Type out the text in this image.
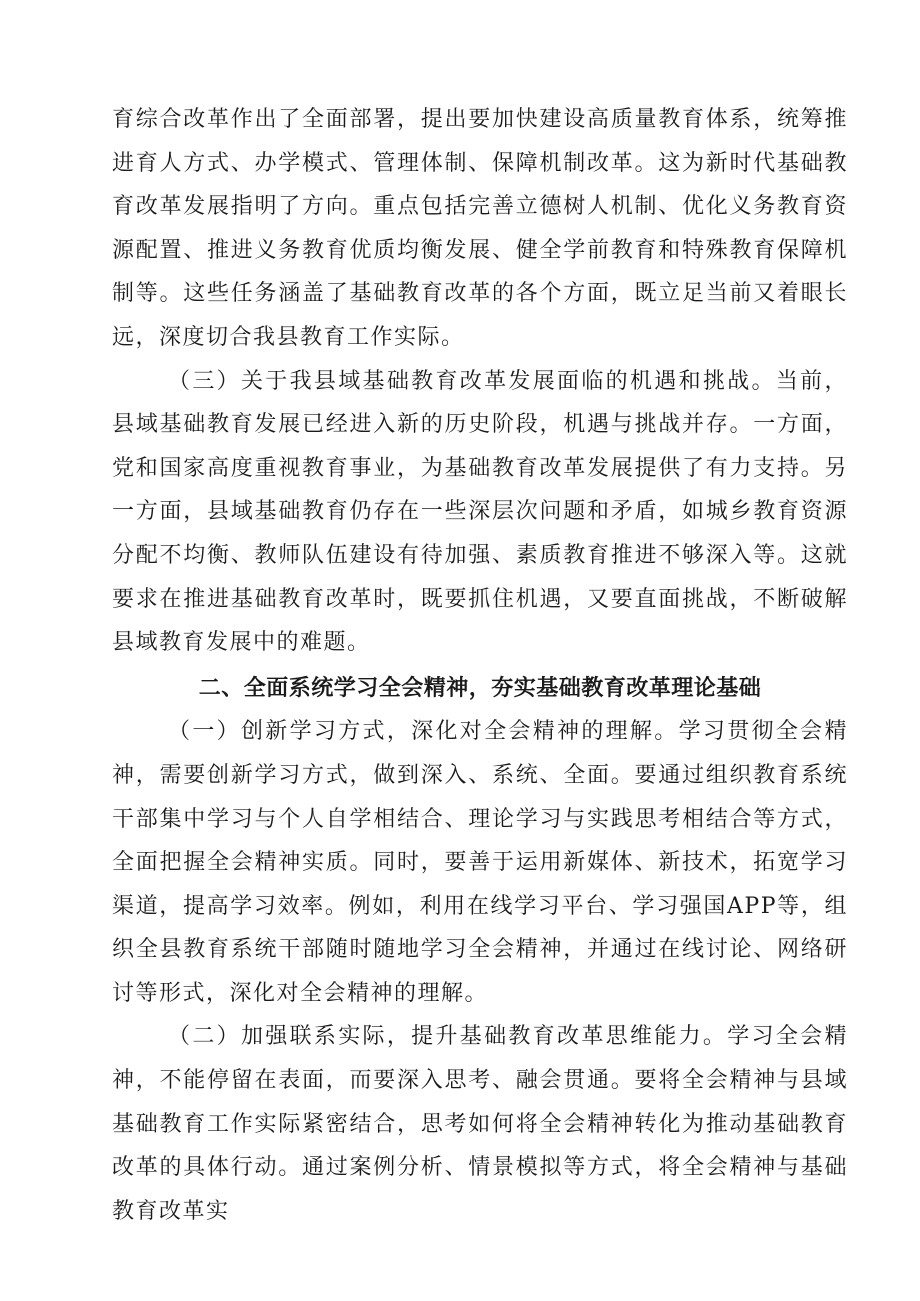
育综合改革作出了全面部署，提出要加快建设高质量教育体系，统筹推进育人方式、办学模式、管理体制、保障机制改革。这为新时代基础教育改革发展指明了方向。重点包括完善立德树人机制、优化义务教育资源配置、推进义务教育优质均衡发展、健全学前教育和特殊教育保障机制等。这些任务涵盖了基础教育改革的各个方面，既立足当前又着眼长远，深度切合我县教育工作实际。

（三）关于我县域基础教育改革发展面临的机遇和挑战。当前，县域基础教育发展已经进入新的历史阶段，机遇与挑战并存。一方面，党和国家高度重视教育事业，为基础教育改革发展提供了有力支持。另一方面，县域基础教育仍存在一些深层次问题和矛盾，如城乡教育资源分配不均衡、教师队伍建设有待加强、素质教育推进不够深入等。这就要求在推进基础教育改革时，既要抓住机遇，又要直面挑战，不断破解县域教育发展中的难题。

二、全面系统学习全会精神，夯实基础教育改革理论基础

（一）创新学习方式，深化对全会精神的理解。学习贯彻全会精神，需要创新学习方式，做到深入、系统、全面。要通过组织教育系统干部集中学习与个人自学相结合、理论学习与实践思考相结合等方式，全面把握全会精神实质。同时，要善于运用新媒体、新技术，拓宽学习渠道，提高学习效率。例如，利用在线学习平台、学习强国APP等，组织全县教育系统干部随时随地学习全会精神，并通过在线讨论、网络研讨等形式，深化对全会精神的理解。

（二）加强联系实际，提升基础教育改革思维能力。学习全会精神，不能停留在表面，而要深入思考、融会贯通。要将全会精神与县域基础教育工作实际紧密结合，思考如何将全会精神转化为推动基础教育改革的具体行动。通过案例分析、情景模拟等方式，将全会精神与基础教育改革实
